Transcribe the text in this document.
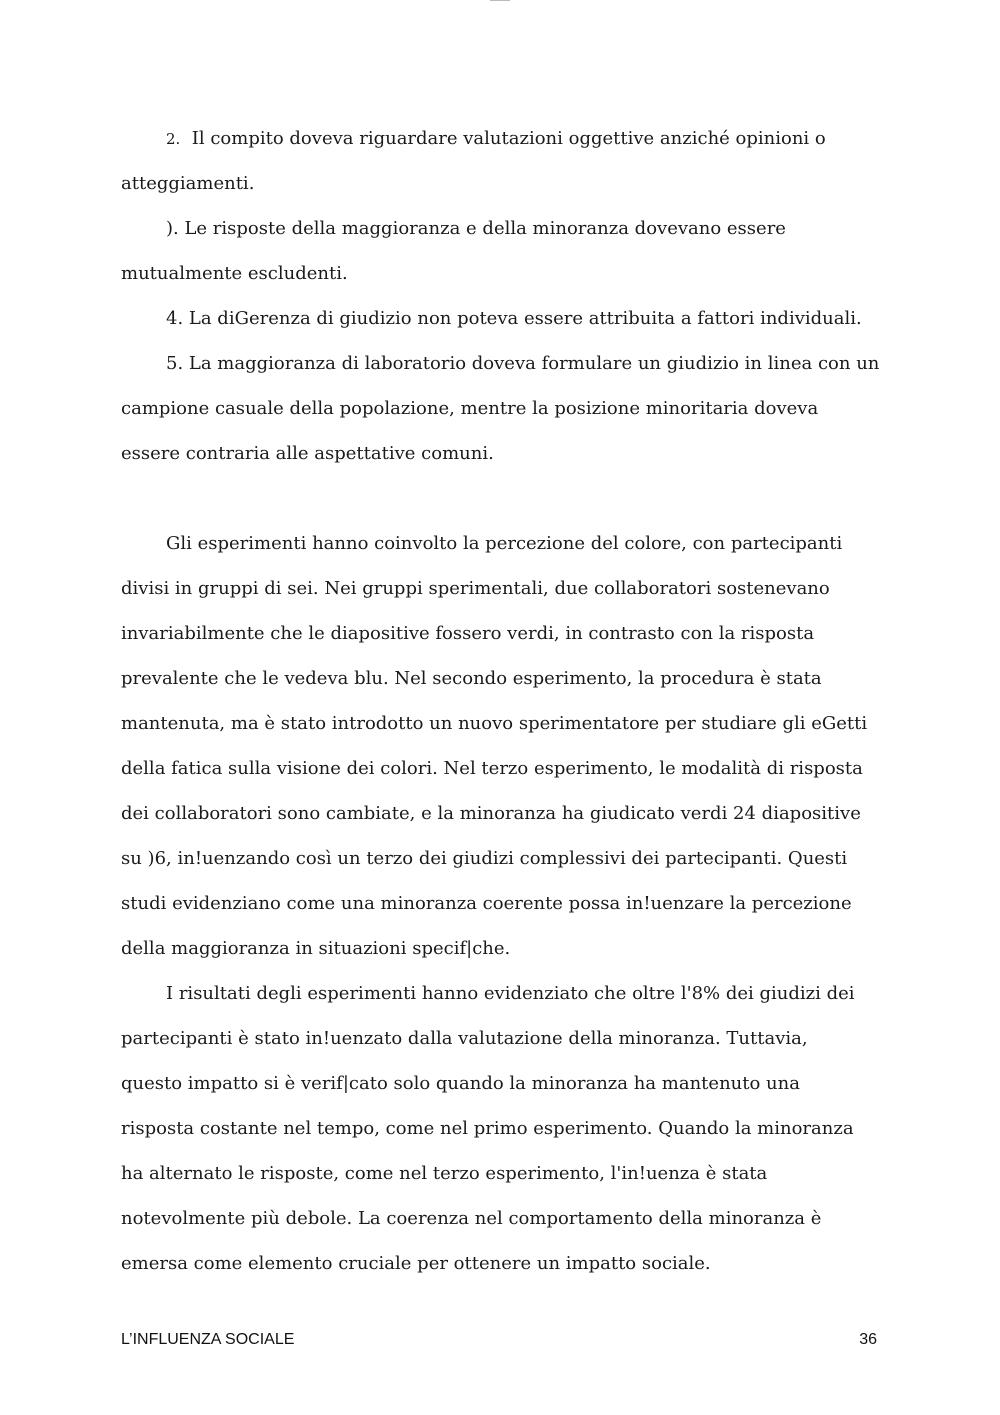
2. Il compito doveva riguardare valutazioni oggettive anziché opinioni o
atteggiamenti.
). Le risposte della maggioranza e della minoranza dovevano essere
mutualmente escludenti.
4. La diGerenza di giudizio non poteva essere attribuita a fattori individuali.
5. La maggioranza di laboratorio doveva formulare un giudizio in linea con un
campione casuale della popolazione, mentre la posizione minoritaria doveva
essere contraria alle aspettative comuni.
Gli esperimenti hanno coinvolto la percezione del colore, con partecipanti
divisi in gruppi di sei. Nei gruppi sperimentali, due collaboratori sostenevano
invariabilmente che le diapositive fossero verdi, in contrasto con la risposta
prevalente che le vedeva blu. Nel secondo esperimento, la procedura è stata
mantenuta, ma è stato introdotto un nuovo sperimentatore per studiare gli eGetti
della fatica sulla visione dei colori. Nel terzo esperimento, le modalità di risposta
dei collaboratori sono cambiate, e la minoranza ha giudicato verdi 24 diapositive
su )6, in!uenzando così un terzo dei giudizi complessivi dei partecipanti. Questi
studi evidenziano come una minoranza coerente possa in!uenzare la percezione
della maggioranza in situazioni specif|che.
I risultati degli esperimenti hanno evidenziato che oltre l'8% dei giudizi dei
partecipanti è stato in!uenzato dalla valutazione della minoranza. Tuttavia,
questo impatto si è verif|cato solo quando la minoranza ha mantenuto una
risposta costante nel tempo, come nel primo esperimento. Quando la minoranza
ha alternato le risposte, come nel terzo esperimento, l'in!uenza è stata
notevolmente più debole. La coerenza nel comportamento della minoranza è
emersa come elemento cruciale per ottenere un impatto sociale.
L’INFLUENZA SOCIALE	36
